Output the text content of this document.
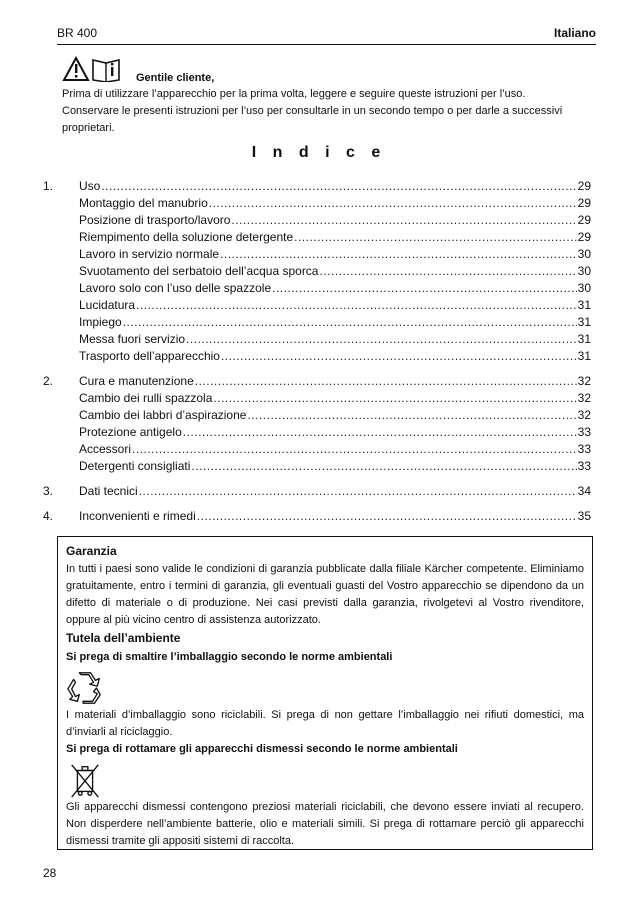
BR 400	Italiano
Gentile cliente,
Prima di utilizzare l’apparecchio per la prima volta, leggere e seguire queste istruzioni per l’uso. Conservare le presenti istruzioni per l’uso per consultarle in un secondo tempo o per darle a successivi proprietari.
I n d i c e
1. Uso .....	29
Montaggio del manubrio .....	29
Posizione di trasporto/lavoro .....	29
Riempimento della soluzione detergente .....	29
Lavoro in servizio normale .....	30
Svuotamento del serbatoio dell’acqua sporca .....	30
Lavoro solo con l’uso delle spazzole .....	30
Lucidatura .....	31
Impiego .....	31
Messa fuori servizio .....	31
Trasporto dell’apparecchio .....	31
2. Cura e manutenzione .....	32
Cambio dei rulli spazzola .....	32
Cambio dei labbri d’aspirazione .....	32
Protezione antigelo .....	33
Accessori .....	33
Detergenti consigliati .....	33
3. Dati tecnici .....	34
4. Inconvenienti e rimedi .....	35
Garanzia
In tutti i paesi sono valide le condizioni di garanzia pubblicate dalla filiale Kärcher competente. Eliminiamo gratuitamente, entro i termini di garanzia, gli eventuali guasti del Vostro apparecchio se dipendono da un difetto di materiale o di produzione. Nei casi previsti dalla garanzia, rivolgetevi al Vostro rivenditore, oppure al più vicino centro di assistenza autorizzato.
Tutela dell’ambiente
Si prega di smaltire l’imballaggio secondo le norme ambientali
I materiali d’imballaggio sono riciclabili. Si prega di non gettare l’imballaggio nei rifiuti domestici, ma d’inviarli al riciclaggio.
Si prega di rottamare gli apparecchi dismessi secondo le norme ambientali
Gli apparecchi dismessi contengono preziosi materiali riciclabili, che devono essere inviati al recupero. Non disperdere nell’ambiente batterie, olio e materiali simili. Si prega di rottamare perciò gli apparecchi dismessi tramite gli appositi sistemi di raccolta.
28
